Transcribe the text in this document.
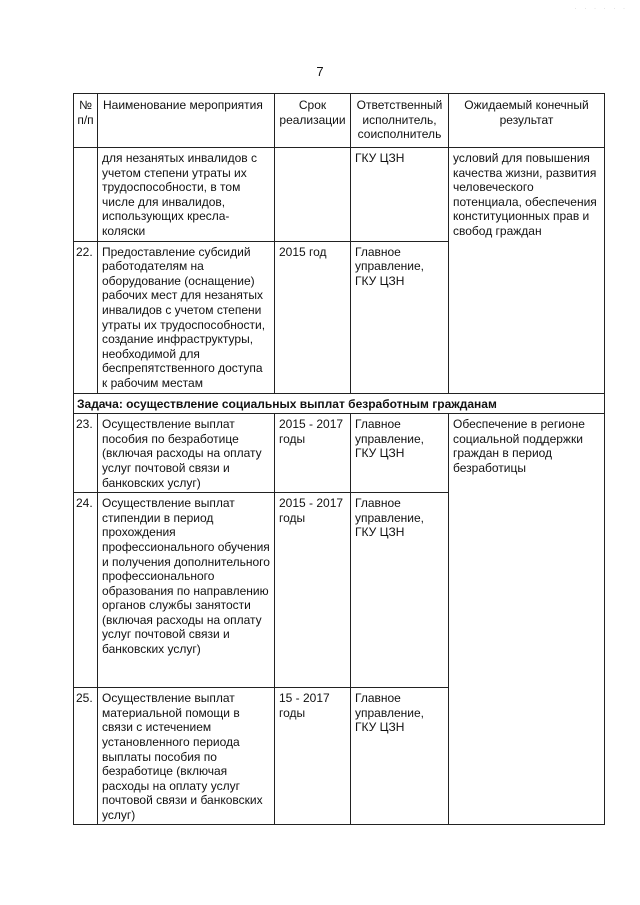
· · · · · ·
7
№ п/п	Наименование мероприятия	Срок реализации	Ответственный исполнитель, соисполнитель	Ожидаемый конечный результат
	для незанятых инвалидов с учетом степени утраты их трудоспособности, в том числе для инвалидов, использующих кресла-коляски		ГКУ ЦЗН	условий для повышения качества жизни, развития человеческого потенциала, обеспечения конституционных прав и свобод граждан
22.	Предоставление субсидий работодателям на оборудование (оснащение) рабочих мест для незанятых инвалидов с учетом степени утраты их трудоспособности, создание инфраструктуры, необходимой для беспрепятственного доступа к рабочим местам	2015 год	Главное управление, ГКУ ЦЗН	
Задача: осуществление социальных выплат безработным гражданам				
23.	Осуществление выплат пособия по безработице (включая расходы на оплату услуг почтовой связи и банковских услуг)	2015 - 2017 годы	Главное управление, ГКУ ЦЗН	Обеспечение в регионе социальной поддержки граждан в период безработицы
24.	Осуществление выплат стипендии в период прохождения профессионального обучения и получения дополнительного профессионального образования по направлению органов службы занятости (включая расходы на оплату услуг почтовой связи и банковских услуг)	2015 - 2017 годы	Главное управление, ГКУ ЦЗН	
25.	Осуществление выплат материальной помощи в связи с истечением установленного периода выплаты пособия по безработице (включая расходы на оплату услуг почтовой связи и банковских услуг)	15 - 2017 годы	Главное управление, ГКУ ЦЗН	
